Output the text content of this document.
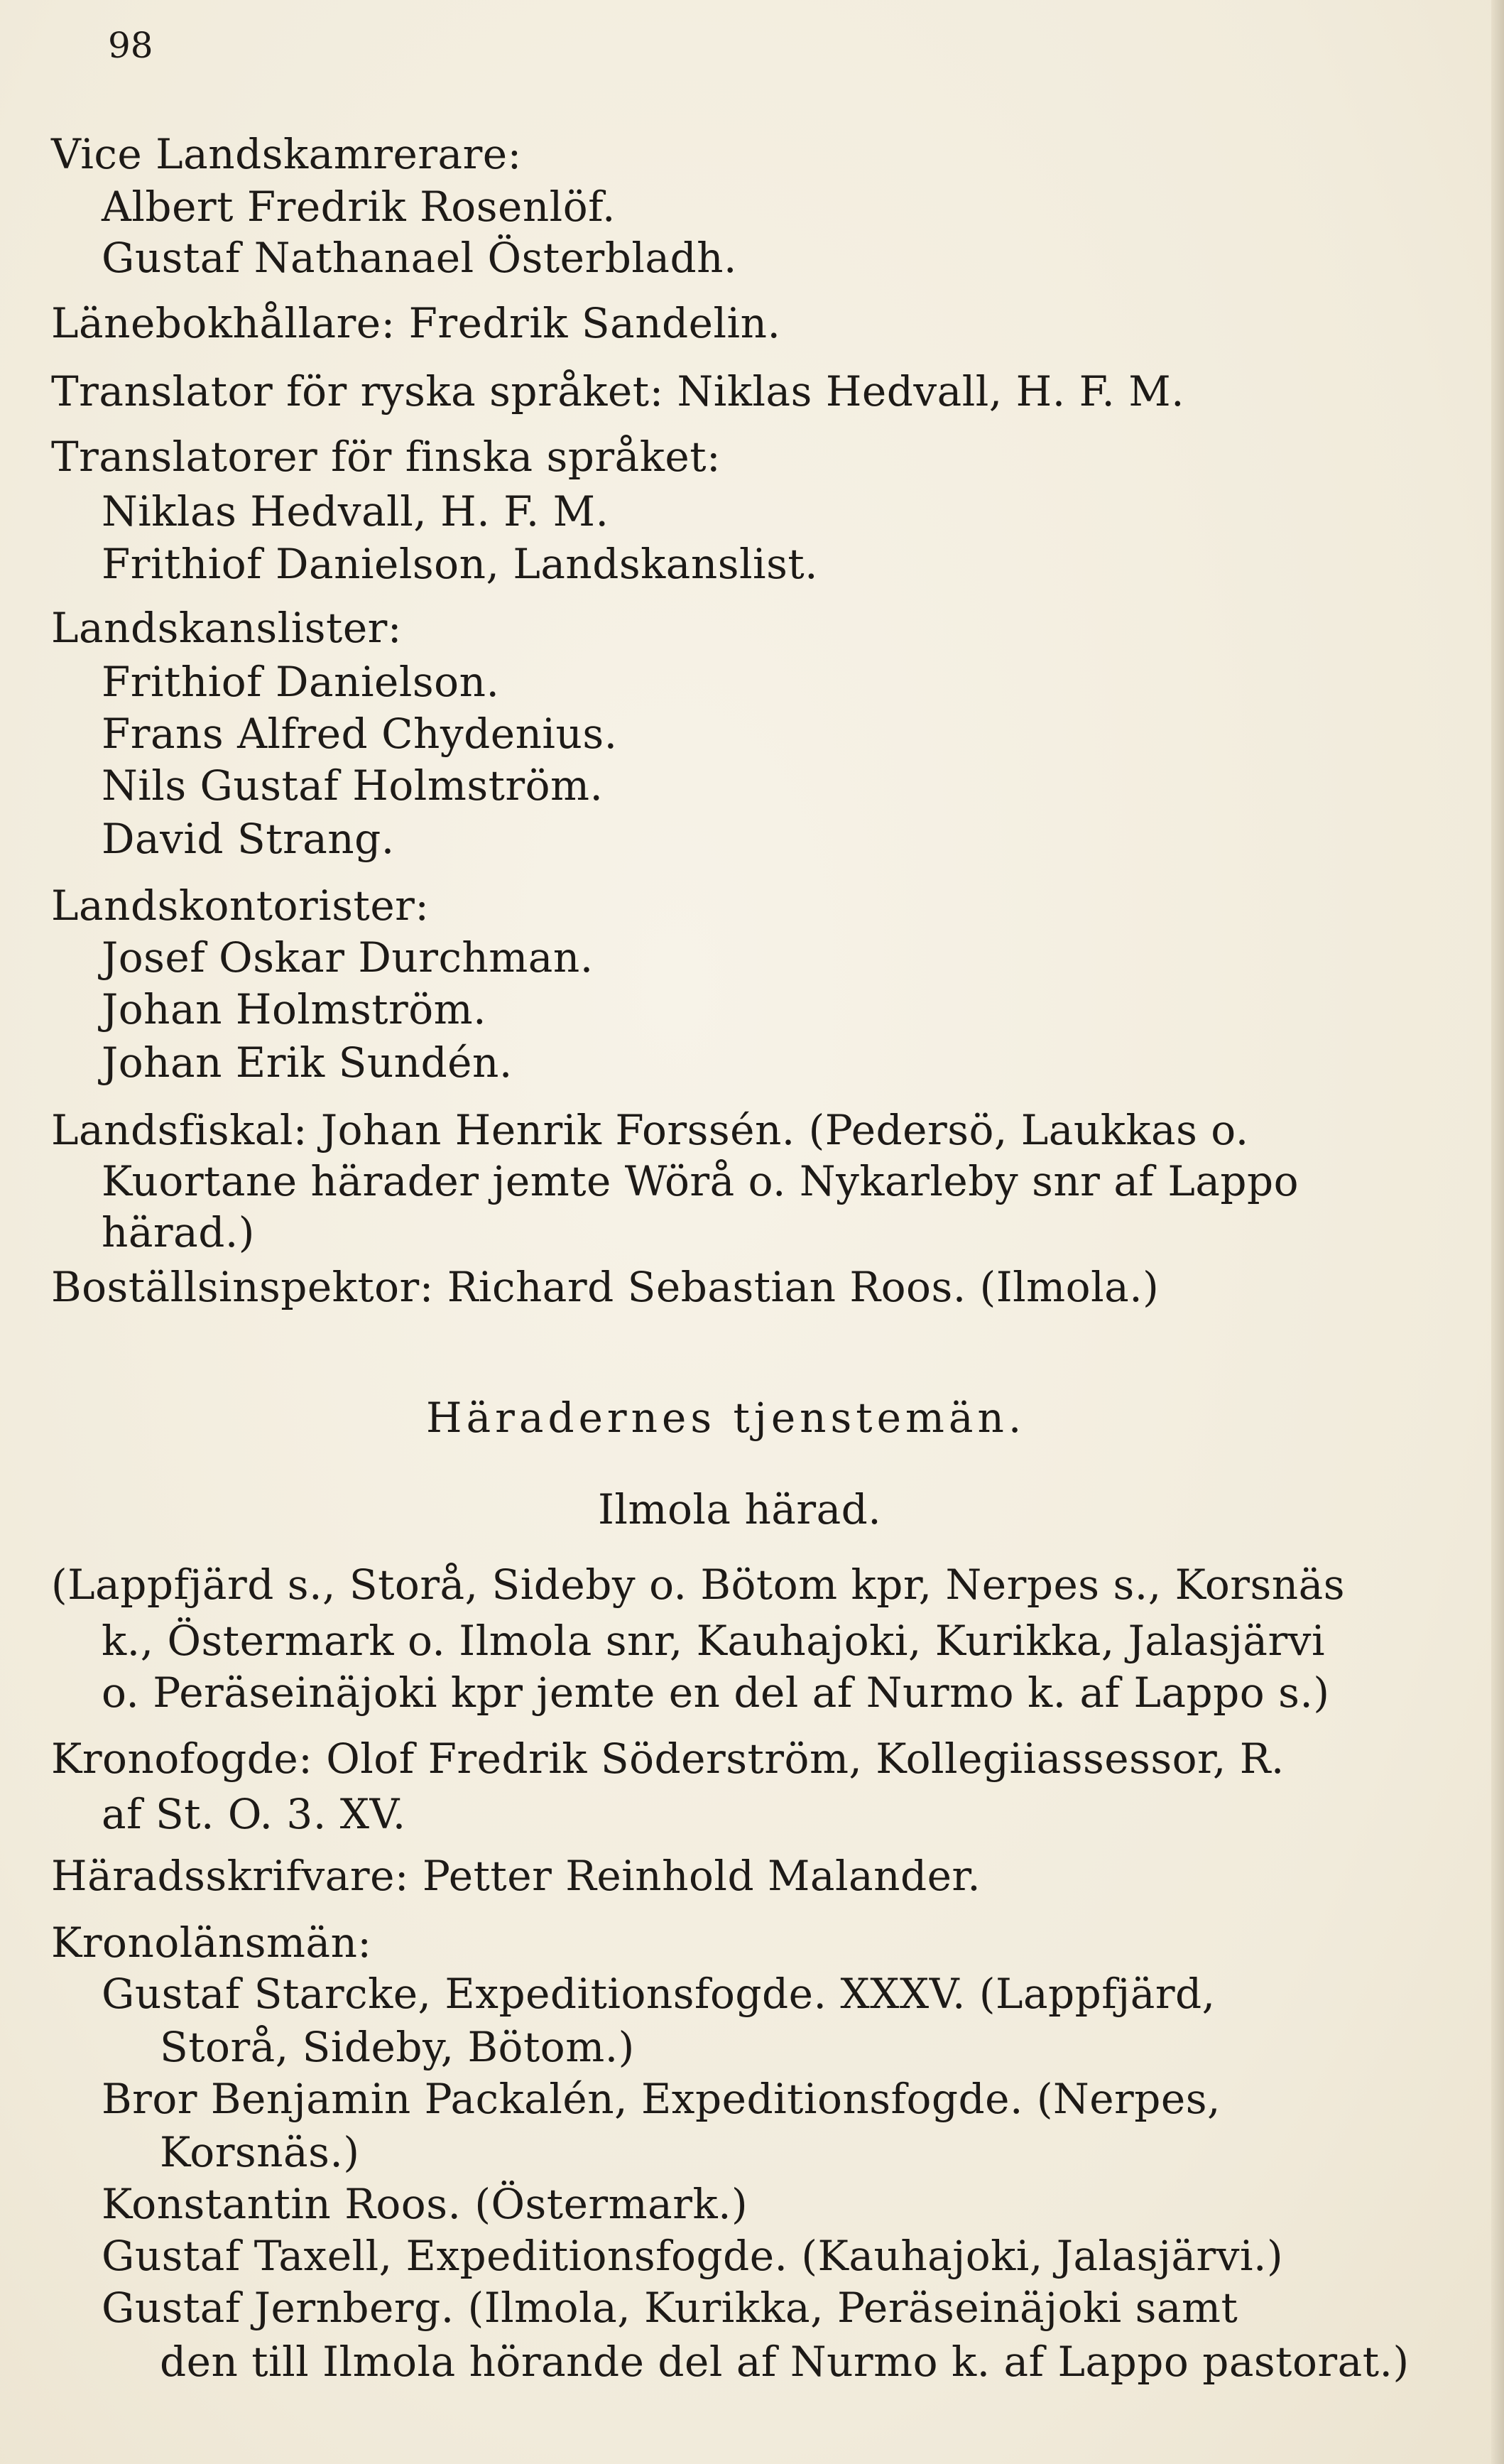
98
Vice Landskamrerare:
Albert Fredrik Rosenlöf.
Gustaf Nathanael Österbladh.
Länebokhållare: Fredrik Sandelin.
Translator för ryska språket: Niklas Hedvall, H. F. M.
Translatorer för finska språket:
Niklas Hedvall, H. F. M.
Frithiof Danielson, Landskanslist.
Landskanslister:
Frithiof Danielson.
Frans Alfred Chydenius.
Nils Gustaf Holmström.
David Strang.
Landskontorister:
Josef Oskar Durchman.
Johan Holmström.
Johan Erik Sundén.
Landsfiskal: Johan Henrik Forssén. (Pedersö, Laukkas o.
Kuortane härader jemte Wörå o. Nykarleby snr af Lappo
härad.)
Boställsinspektor: Richard Sebastian Roos. (Ilmola.)
Häradernes tjenstemän.
Ilmola härad.
(Lappfjärd s., Storå, Sideby o. Bötom kpr, Nerpes s., Korsnäs
k., Östermark o. Ilmola snr, Kauhajoki, Kurikka, Jalasjärvi
o. Peräseinäjoki kpr jemte en del af Nurmo k. af Lappo s.)
Kronofogde: Olof Fredrik Söderström, Kollegiiassessor, R.
af St. O. 3. XV.
Häradsskrifvare: Petter Reinhold Malander.
Kronolänsmän:
Gustaf Starcke, Expeditionsfogde. XXXV. (Lappfjärd,
Storå, Sideby, Bötom.)
Bror Benjamin Packalén, Expeditionsfogde. (Nerpes,
Korsnäs.)
Konstantin Roos. (Östermark.)
Gustaf Taxell, Expeditionsfogde. (Kauhajoki, Jalasjärvi.)
Gustaf Jernberg. (Ilmola, Kurikka, Peräseinäjoki samt
den till Ilmola hörande del af Nurmo k. af Lappo pastorat.)
